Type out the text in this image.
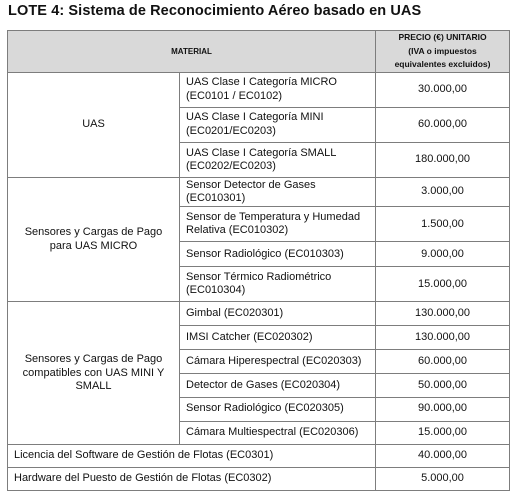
LOTE 4: Sistema de Reconocimiento Aéreo basado en UAS
MATERIAL		PRECIO (€) UNITARIO
(IVA o impuestos
equivalentes excluidos)

UAS	UAS Clase I Categoría MICRO (EC0101 / EC0102)	30.000,00
	UAS Clase I Categoría MINI (EC0201/EC0203)	60.000,00
	UAS Clase I Categoría SMALL (EC0202/EC0203)	180.000,00
Sensores y Cargas de Pago para UAS MICRO	Sensor Detector de Gases (EC010301)	3.000,00
	Sensor de Temperatura y Humedad Relativa (EC010302)	1.500,00
	Sensor Radiológico (EC010303)	9.000,00
	Sensor Térmico Radiométrico (EC010304)	15.000,00
Sensores y Cargas de Pago compatibles con UAS MINI Y SMALL	Gimbal (EC020301)	130.000,00
	IMSI Catcher (EC020302)	130.000,00
	Cámara Hiperespectral (EC020303)	60.000,00
	Detector de Gases (EC020304)	50.000,00
	Sensor Radiológico (EC020305)	90.000,00
	Cámara Multiespectral (EC020306)	15.000,00
Licencia del Software de Gestión de Flotas (EC0301)		40.000,00
Hardware del Puesto de Gestión de Flotas (EC0302)		5.000,00
